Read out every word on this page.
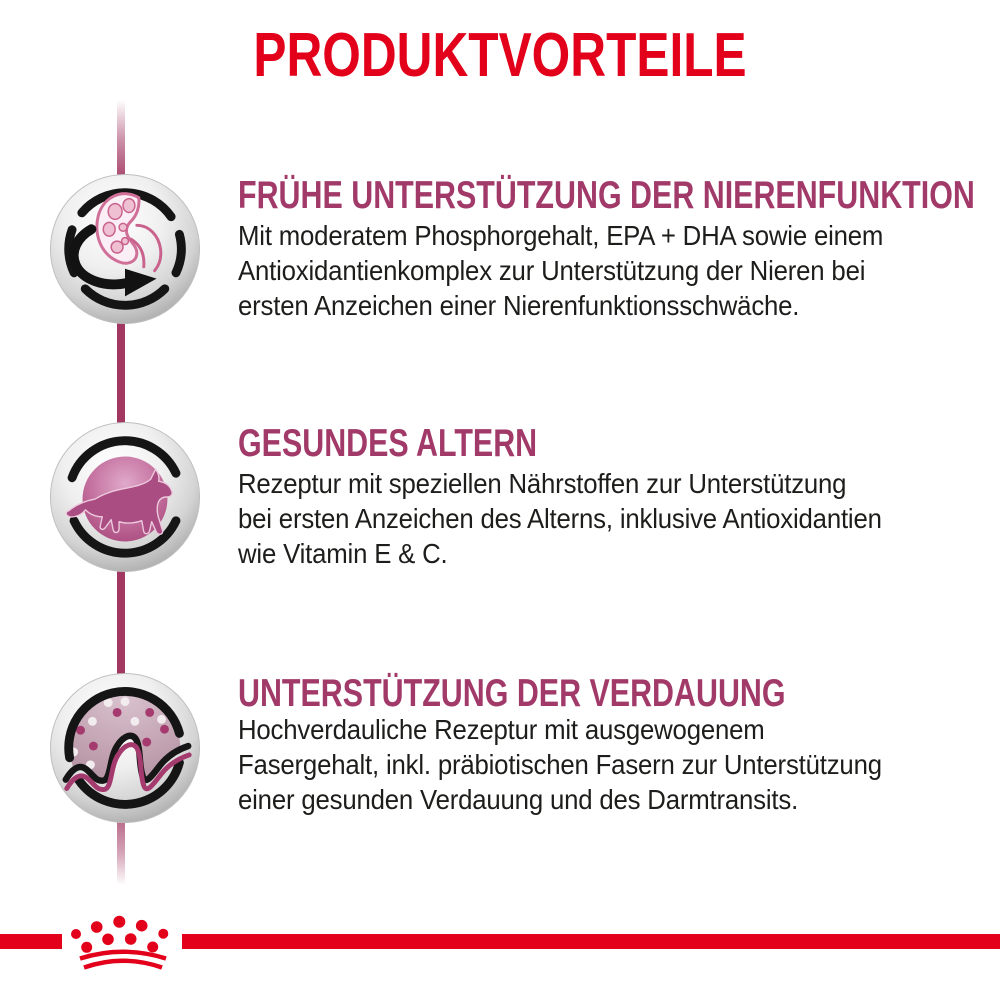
PRODUKTVORTEILE
FRÜHE UNTERSTÜTZUNG DER NIERENFUNKTION
Mit moderatem Phosphorgehalt, EPA + DHA sowie einem
Antioxidantienkomplex zur Unterstützung der Nieren bei
ersten Anzeichen einer Nierenfunktionsschwäche.
GESUNDES ALTERN
Rezeptur mit speziellen Nährstoffen zur Unterstützung
bei ersten Anzeichen des Alterns, inklusive Antioxidantien
wie Vitamin E & C.
UNTERSTÜTZUNG DER VERDAUUNG
Hochverdauliche Rezeptur mit ausgewogenem
Fasergehalt, inkl. präbiotischen Fasern zur Unterstützung
einer gesunden Verdauung und des Darmtransits.
